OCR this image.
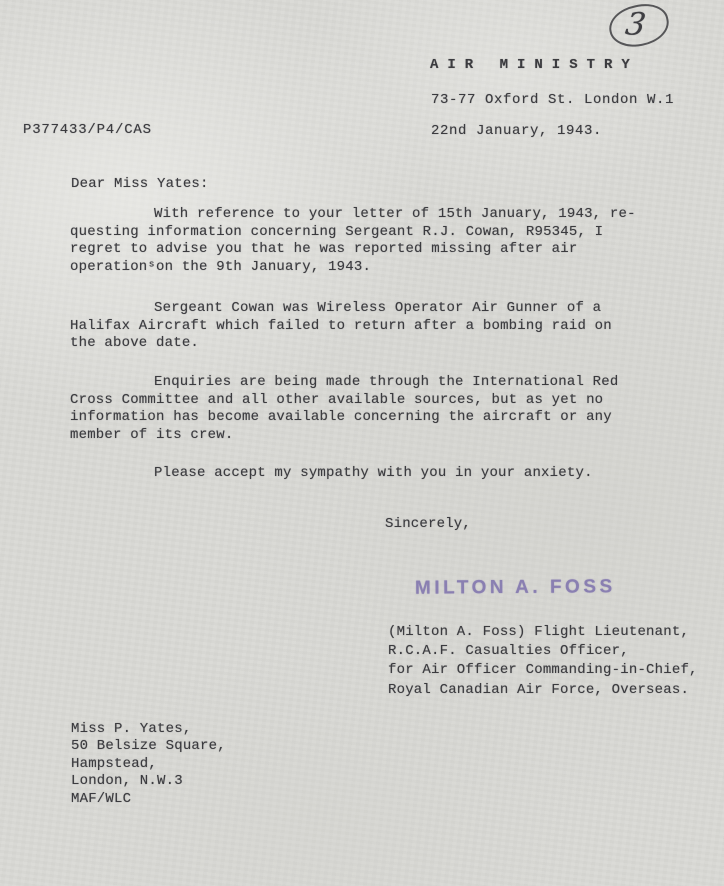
3
AIR MINISTRY
73-77 Oxford St. London W.1
22nd January, 1943.
P377433/P4/CAS
Dear Miss Yates:
With reference to your letter of 15th January, 1943, re-
questing information concerning Sergeant R.J. Cowan, R95345, I
regret to advise you that he was reported missing after air
operationˢon the 9th January, 1943.
Sergeant Cowan was Wireless Operator Air Gunner of a
Halifax Aircraft which failed to return after a bombing raid on
the above date.
Enquiries are being made through the International Red
Cross Committee and all other available sources, but as yet no
information has become available concerning the aircraft or any
member of its crew.
Please accept my sympathy with you in your anxiety.
Sincerely,
MILTON A. FOSS
(Milton A. Foss) Flight Lieutenant,
R.C.A.F. Casualties Officer,
for Air Officer Commanding-in-Chief,
Royal Canadian Air Force, Overseas.
Miss P. Yates,
50 Belsize Square,
Hampstead,
London, N.W.3
MAF/WLC
